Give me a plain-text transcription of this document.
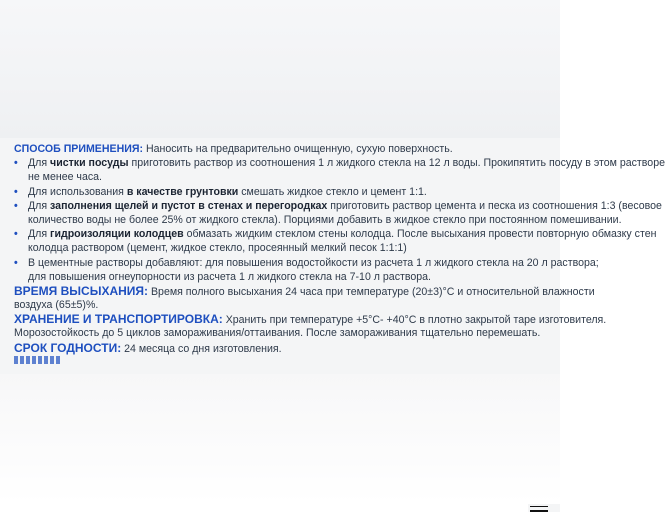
СПОСОБ ПРИМЕНЕНИЯ: Наносить на предварительно очищенную, сухую поверхность.
• Для чистки посуды приготовить раствор из соотношения 1 л жидкого стекла на 12 л воды. Прокипятить посуду в этом растворе
не менее часа.
• Для использования в качестве грунтовки смешать жидкое стекло и цемент 1:1.
• Для заполнения щелей и пустот в стенах и перегородках приготовить раствор цемента и песка из соотношения 1:3 (весовое
количество воды не более 25% от жидкого стекла). Порциями добавить в жидкое стекло при постоянном помешивании.
• Для гидроизоляции колодцев обмазать жидким стеклом стены колодца. После высыхания провести повторную обмазку стен
колодца раствором (цемент, жидкое стекло, просеянный мелкий песок 1:1:1)
• В цементные растворы добавляют: для повышения водостойкости из расчета 1 л жидкого стекла на 20 л раствора;
для повышения огнеупорности из расчета 1 л жидкого стекла на 7-10 л раствора.
ВРЕМЯ ВЫСЫХАНИЯ: Время полного высыхания 24 часа при температуре (20±3)°С и относительной влажности
воздуха (65±5)%.
ХРАНЕНИЕ И ТРАНСПОРТИРОВКА: Хранить при температуре +5°С- +40°С в плотно закрытой таре изготовителя.
Морозостойкость до 5 циклов замораживания/оттаивания. После замораживания тщательно перемешать.
СРОК ГОДНОСТИ: 24 месяца со дня изготовления.
